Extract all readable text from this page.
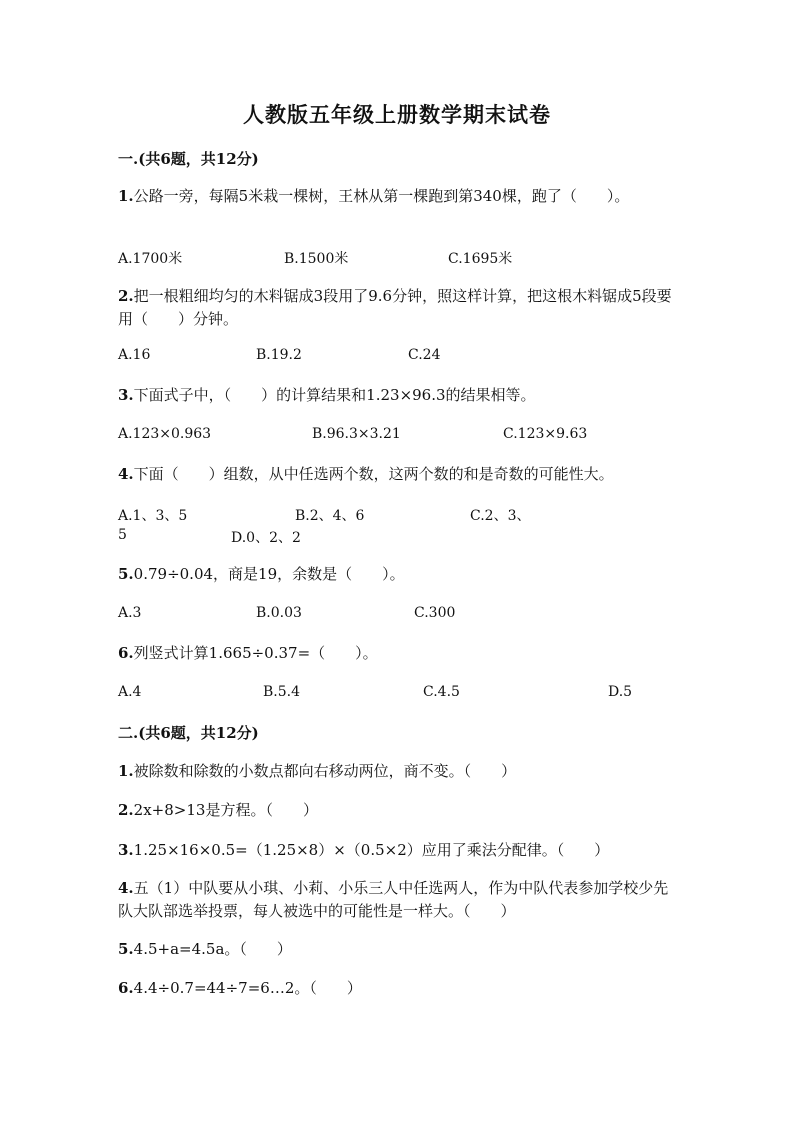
人教版五年级上册数学期末试卷
一.(共6题，共12分)
1.公路一旁，每隔5米栽一棵树，王林从第一棵跑到第340棵，跑了（　　）。
A.1700米	B.1500米	C.1695米
2.把一根粗细均匀的木料锯成3段用了9.6分钟，照这样计算，把这根木料锯成5段要用（　　）分钟。
A.16	B.19.2	C.24
3.下面式子中，（　　）的计算结果和1.23×96.3的结果相等。
A.123×0.963	B.96.3×3.21	C.123×9.63
4.下面（　　）组数，从中任选两个数，这两个数的和是奇数的可能性大。
A.1、3、5	B.2、4、6	C.2、3、
5	D.0、2、2
5.0.79÷0.04，商是19，余数是（　　）。
A.3	B.0.03	C.300
6.列竖式计算1.665÷0.37=（　　）。
A.4	B.5.4	C.4.5	D.5
二.(共6题，共12分)
1.被除数和除数的小数点都向右移动两位，商不变。（　　）
2.2x+8>13是方程。（　　）
3.1.25×16×0.5=（1.25×8）×（0.5×2）应用了乘法分配律。（　　）
4.五（1）中队要从小琪、小莉、小乐三人中任选两人，作为中队代表参加学校少先队大队部选举投票，每人被选中的可能性是一样大。（　　）
5.4.5+a=4.5a。（　　）
6.4.4÷0.7=44÷7=6…2。（　　）
